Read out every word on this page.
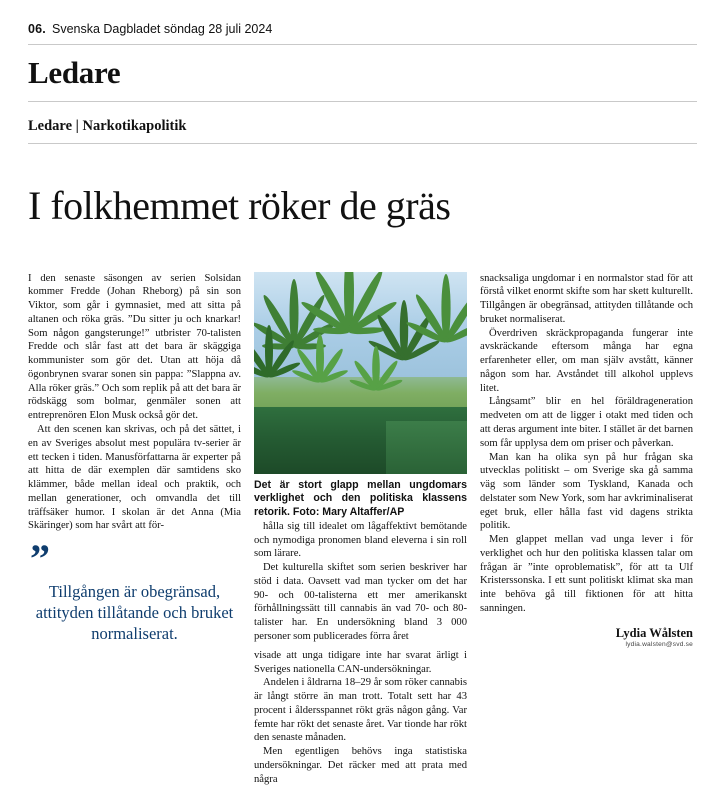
06. Svenska Dagbladet söndag 28 juli 2024
Ledare
Ledare | Narkotikapolitik
I folkhemmet röker de gräs

I den senaste säsongen av serien Solsidan kommer Fredde (Johan Rheborg) på sin son Viktor, som går i gymnasiet, med att sitta på altanen och röka gräs. ”Du sitter ju och knarkar! Som någon gangsterunge!” utbrister 70-talisten Fredde och slår fast att det bara är skäggiga kommunister som gör det. Utan att höja då ögonbrynen svarar sonen sin pappa: ”Slappna av. Alla röker gräs.” Och som replik på att det bara är rödskägg som bolmar, genmäler sonen att entreprenören Elon Musk också gör det.

Att den scenen kan skrivas, och på det sättet, i en av Sveriges absolut mest populära tv-serier är ett tecken i tiden. Manusförfattarna är experter på att hitta de där exemplen där samtidens sko klämmer, både mellan ideal och praktik, och mellan generationer, och omvandla det till träffsäker humor. I skolan är det Anna (Mia Skäringer) som har svårt att för-

”
Tillgången är obegränsad, attityden tillåtande och bruket normaliserat.

Det är stort glapp mellan ungdomars verklighet och den politiska klassens retorik. Foto: Mary Altaffer/AP

hålla sig till idealet om lågaffektivt bemötande och nymodiga pronomen bland eleverna i sin roll som lärare.

Det kulturella skiftet som serien beskriver har stöd i data. Oavsett vad man tycker om det har 90- och 00-talisterna ett mer amerikanskt förhållningssätt till cannabis än vad 70- och 80-talister har. En undersökning bland 3 000 personer som publicerades förra året

visade att unga tidigare inte har svarat ärligt i Sveriges nationella CAN-undersökningar.

Andelen i åldrarna 18–29 år som röker cannabis är långt större än man trott. Totalt sett har 43 procent i åldersspannet rökt gräs någon gång. Var femte har rökt det senaste året. Var tionde har rökt den senaste månaden.

Men egentligen behövs inga statistiska undersökningar. Det räcker med att prata med några

snacksaliga ungdomar i en normalstor stad för att förstå vilket enormt skifte som har skett kulturellt. Tillgången är obegränsad, attityden tillåtande och bruket normaliserat.

Överdriven skräckpropaganda fungerar inte avskräckande eftersom många har egna erfarenheter eller, om man själv avstått, känner någon som har. Avståndet till alkohol upplevs litet.

Långsamt” blir en hel föräldrageneration medveten om att de ligger i otakt med tiden och att deras argument inte biter. I stället är det barnen som får upplysa dem om priser och påverkan.

Man kan ha olika syn på hur frågan ska utvecklas politiskt – om Sverige ska gå samma väg som länder som Tyskland, Kanada och delstater som New York, som har avkriminaliserat eget bruk, eller hålla fast vid dagens strikta politik.

Men glappet mellan vad unga lever i för verklighet och hur den politiska klassen talar om frågan är ”inte oproblematisk”, för att ta Ulf Kristerssonska. I ett sunt politiskt klimat ska man inte behöva gå till fiktionen för att hitta sanningen.

Lydia Wålsten
lydia.walsten@svd.se
